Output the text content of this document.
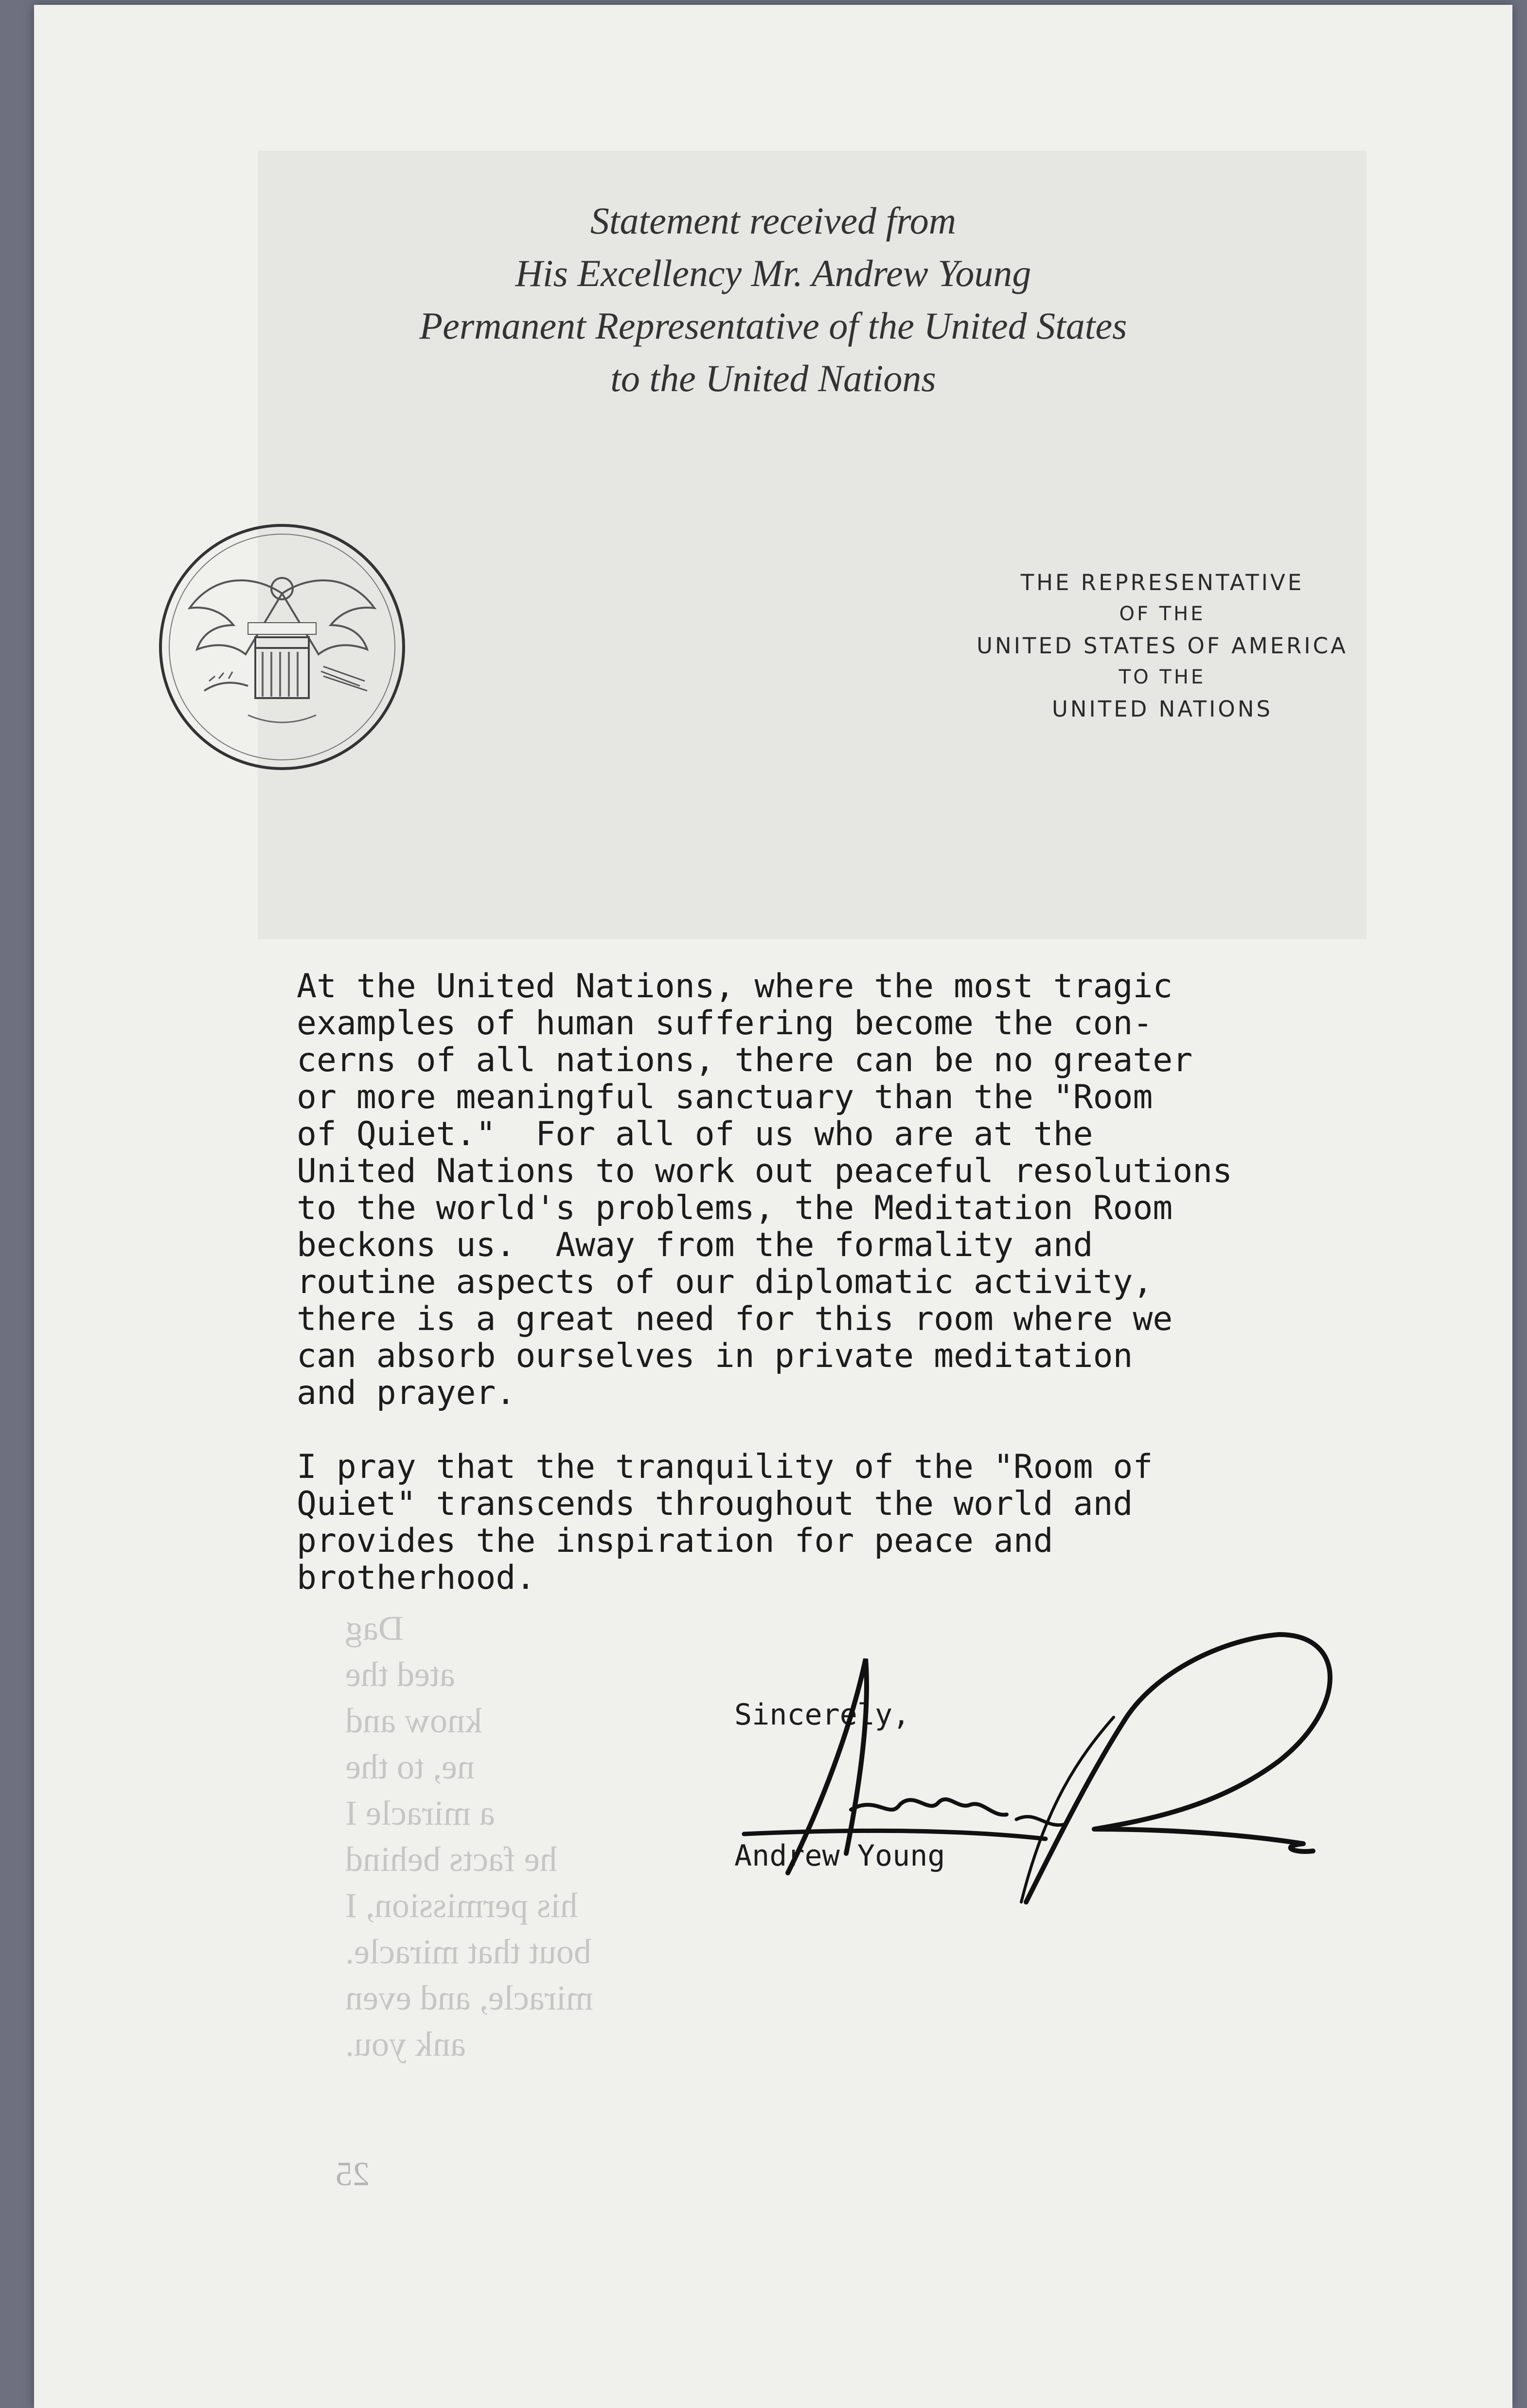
Statement received from
His Excellency Mr. Andrew Young
Permanent Representative of the United States
to the United Nations
THE REPRESENTATIVE
OF THE
UNITED STATES OF AMERICA
TO THE
UNITED NATIONS
Dag
ated the
know and
ne, to the
a miracle I
he facts behind
his permission, I
bout that miracle.
miracle, and even
ank you.
25
At the United Nations, where the most tragic
examples of human suffering become the con-
cerns of all nations, there can be no greater
or more meaningful sanctuary than the "Room
of Quiet."  For all of us who are at the
United Nations to work out peaceful resolutions
to the world's problems, the Meditation Room
beckons us.  Away from the formality and
routine aspects of our diplomatic activity,
there is a great need for this room where we
can absorb ourselves in private meditation
and prayer.
I pray that the tranquility of the "Room of
Quiet" transcends throughout the world and
provides the inspiration for peace and
brotherhood.
Sincerely,
Andrew Young
